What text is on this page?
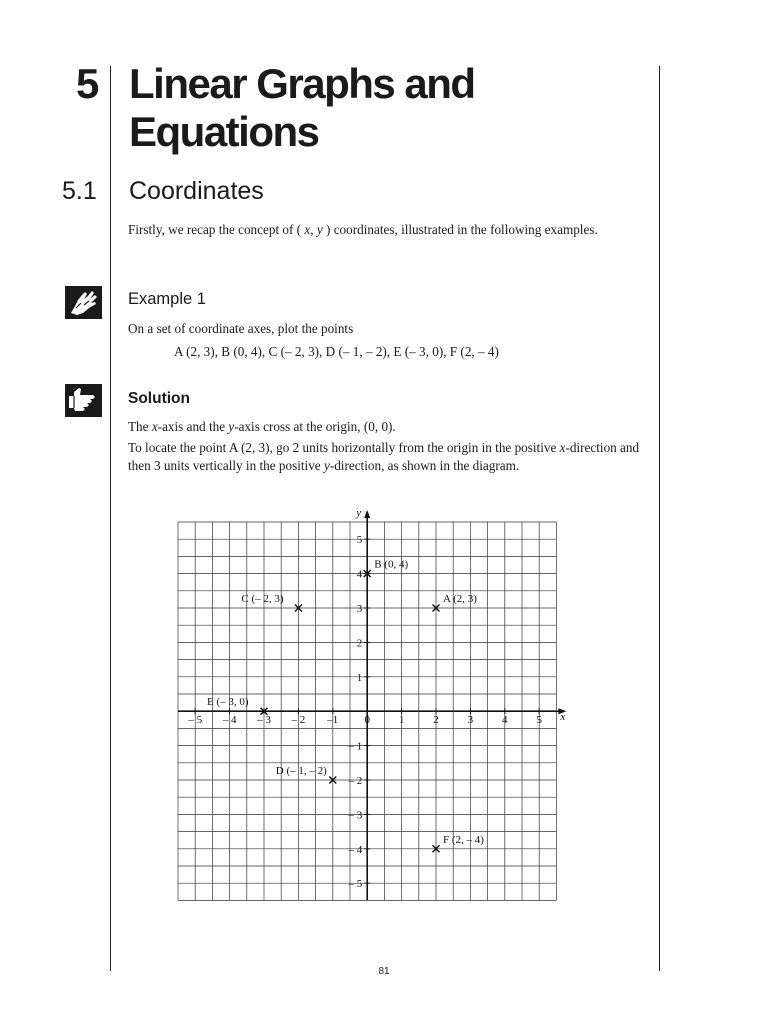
5 Linear Graphs and
Equations
5.1 Coordinates
Firstly, we recap the concept of ( x, y ) coordinates, illustrated in the following examples.
Example 1
On a set of coordinate axes, plot the points
A (2, 3), B (0, 4), C (– 2, 3), D (– 1, – 2), E (– 3, 0), F (2, – 4)
Solution
The x-axis and the y-axis cross at the origin, (0, 0).
To locate the point A (2, 3), go 2 units horizontally from the origin in the positive x-direction and then 3 units vertically in the positive y-direction, as shown in the diagram.
x
y
– 5 – 4 – 3 – 2 –1 0	1	2	3	4	5
5
4
3
2
1
– 1
– 2
– 3
– 4
– 5
A (2, 3)
B (0, 4)
C (– 2, 3)
D (– 1, – 2)
E (– 3, 0)
F (2, – 4)
81
